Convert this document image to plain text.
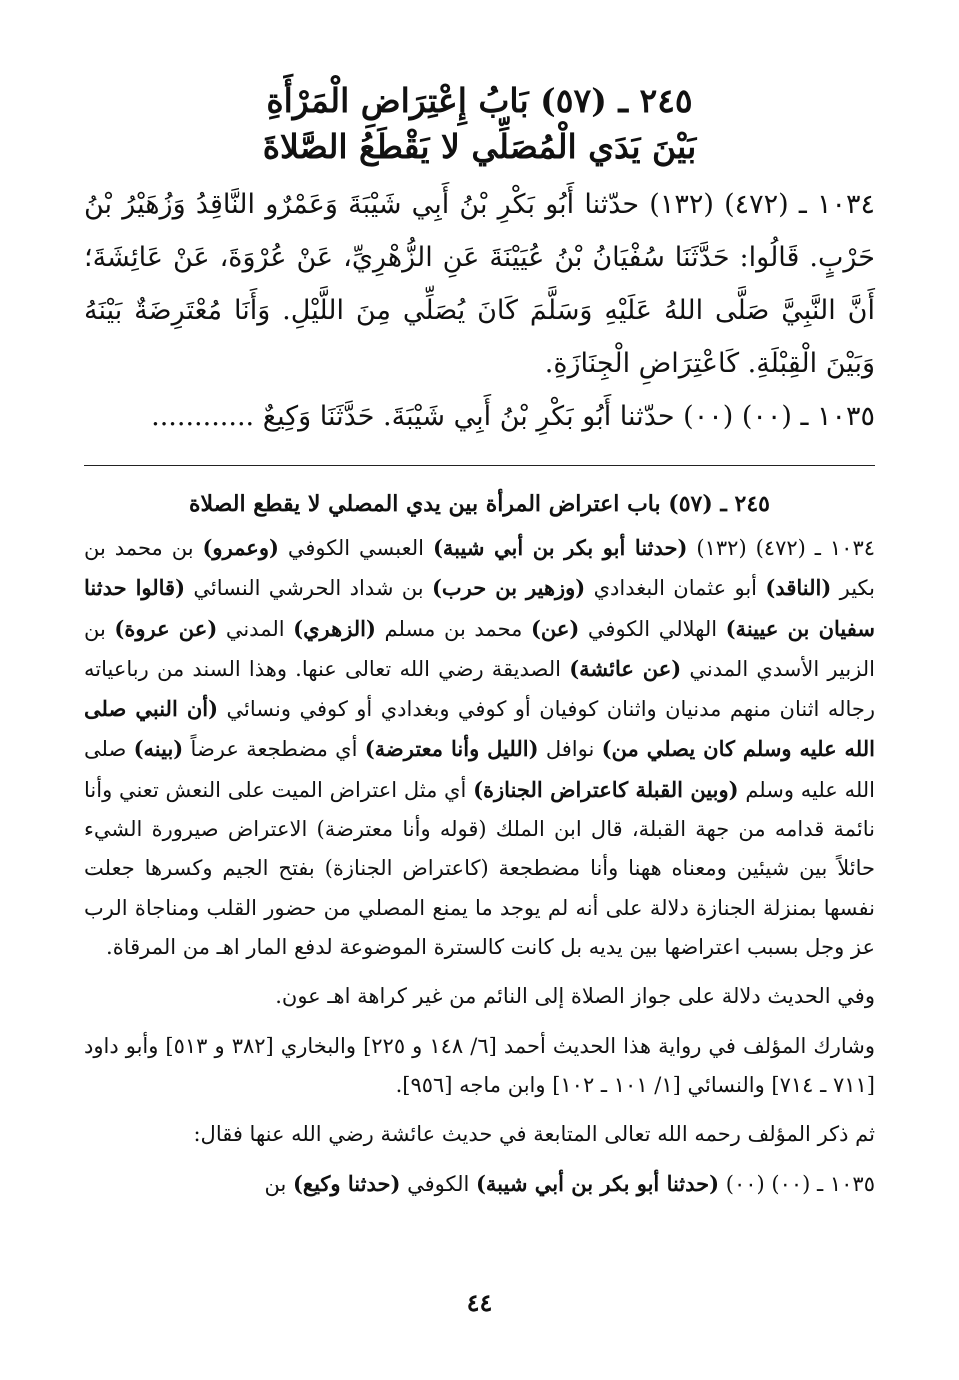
٢٤٥ ـ (٥٧) بَابُ إِعْتِرَاضِ الْمَرْأَةِ
بَيْنَ يَدَي الْمُصَلِّي لا يَقْطَعُ الصَّلاةَ

١٠٣٤ ـ (٤٧٢) (١٣٢) حدّثنا أَبُو بَكْرِ بْنُ أَبِي شَيْبَةَ وَعَمْرٌو النَّاقِدُ وَزُهَيْرُ بْنُ حَرْبٍ. قَالُوا: حَدَّثَنَا سُفْيَانُ بْنُ عُيَيْنَةَ عَنِ الزُّهْرِيِّ، عَنْ عُرْوَةَ، عَنْ عَائِشَةَ؛ أَنَّ النَّبِيَّ صَلَّى اللهُ عَلَيْهِ وَسَلَّمَ كَانَ يُصَلِّي مِنَ اللَّيْلِ. وَأَنَا مُعْتَرِضَةٌ بَيْنَهُ وَبَيْنَ الْقِبْلَةِ. كَاعْتِرَاضِ الْجِنَازَةِ.

١٠٣٥ ـ (٠٠) (٠٠) حدّثنا أَبُو بَكْرِ بْنُ أَبِي شَيْبَةَ. حَدَّثَنَا وَكِيعٌ ............

٢٤٥ ـ (٥٧) باب اعتراض المرأة بين يدي المصلي لا يقطع الصلاة

١٠٣٤ ـ (٤٧٢) (١٣٢) (حدثنا أبو بكر بن أبي شيبة) العبسي الكوفي (وعمرو) بن محمد بن بكير (الناقد) أبو عثمان البغدادي (وزهير بن حرب) بن شداد الحرشي النسائي (قالوا حدثنا سفيان بن عيينة) الهلالي الكوفي (عن) محمد بن مسلم (الزهري) المدني (عن عروة) بن الزبير الأسدي المدني (عن عائشة) الصديقة رضي الله تعالى عنها. وهذا السند من رباعياته رجاله اثنان منهم مدنيان واثنان كوفيان أو كوفي وبغدادي أو كوفي ونسائي (أن النبي صلى الله عليه وسلم كان يصلي من) نوافل (الليل وأنا معترضة) أي مضطجعة عرضاً (بينه) صلى الله عليه وسلم (وبين القبلة كاعتراض الجنازة) أي مثل اعتراض الميت على النعش تعني وأنا نائمة قدامه من جهة القبلة، قال ابن الملك (قوله وأنا معترضة) الاعتراض صيرورة الشيء حائلاً بين شيئين ومعناه ههنا وأنا مضطجعة (كاعتراض الجنازة) بفتح الجيم وكسرها جعلت نفسها بمنزلة الجنازة دلالة على أنه لم يوجد ما يمنع المصلي من حضور القلب ومناجاة الرب عز وجل بسبب اعتراضها بين يديه بل كانت كالسترة الموضوعة لدفع المار اهـ من المرقاة.

وفي الحديث دلالة على جواز الصلاة إلى النائم من غير كراهة اهـ عون.

وشارك المؤلف في رواية هذا الحديث أحمد [٦/ ١٤٨ و ٢٢٥] والبخاري [٣٨٢ و ٥١٣] وأبو داود [٧١١ ـ ٧١٤] والنسائي [١/ ١٠١ ـ ١٠٢] وابن ماجه [٩٥٦].

ثم ذكر المؤلف رحمه الله تعالى المتابعة في حديث عائشة رضي الله عنها فقال:

١٠٣٥ ـ (٠٠) (٠٠) (حدثنا أبو بكر بن أبي شيبة) الكوفي (حدثنا وكيع) بن

٤٤
